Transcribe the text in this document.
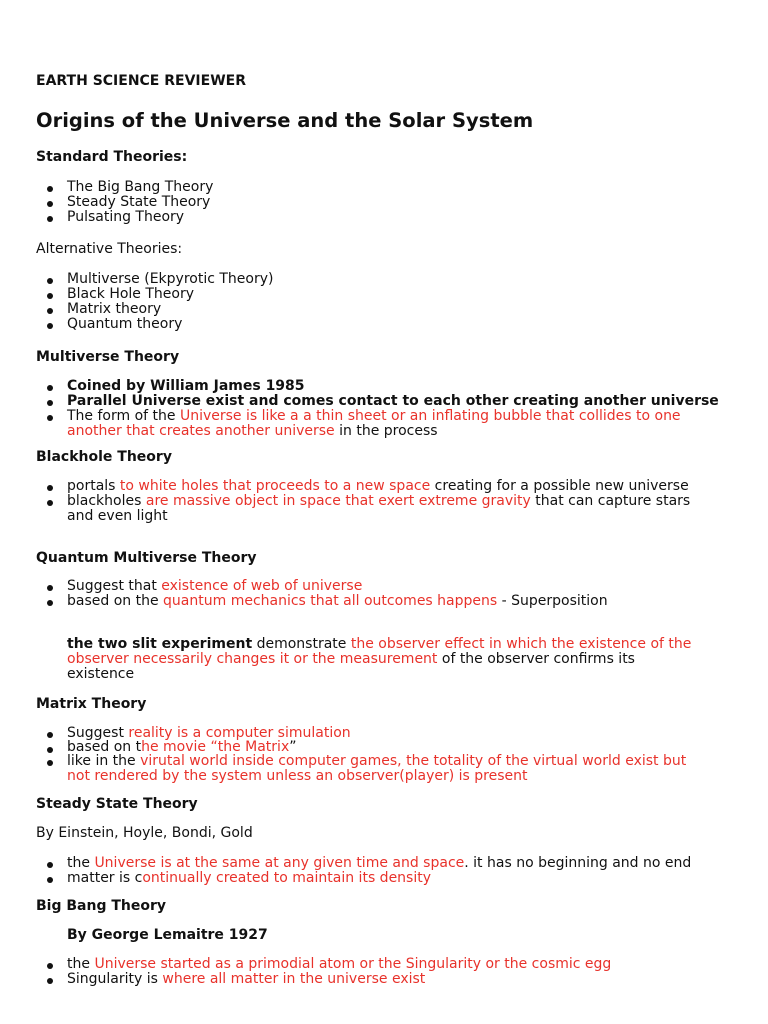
EARTH SCIENCE REVIEWER
Origins of the Universe and the Solar System
Standard Theories:
The Big Bang Theory
Steady State Theory
Pulsating Theory
Alternative Theories:
Multiverse (Ekpyrotic Theory)
Black Hole Theory
Matrix theory
Quantum theory
Multiverse Theory
Coined by William James 1985
Parallel Universe exist and comes contact to each other creating another universe
The form of the Universe is like a a thin sheet or an inflating bubble that collides to one
another that creates another universe in the process
Blackhole Theory
portals to white holes that proceeds to a new space creating for a possible new universe
blackholes are massive object in space that exert extreme gravity that can capture stars
and even light
Quantum Multiverse Theory
Suggest that existence of web of universe
based on the quantum mechanics that all outcomes happens - Superposition
the two slit experiment demonstrate the observer effect in which the existence of the
observer necessarily changes it or the measurement of the observer confirms its
existence
Matrix Theory
Suggest reality is a computer simulation
based on the movie “the Matrix”
like in the virutal world inside computer games, the totality of the virtual world exist but
not rendered by the system unless an observer(player) is present
Steady State Theory
By Einstein, Hoyle, Bondi, Gold
the Universe is at the same at any given time and space. it has no beginning and no end
matter is continually created to maintain its density
Big Bang Theory
By George Lemaitre 1927
the Universe started as a primodial atom or the Singularity or the cosmic egg
Singularity is where all matter in the universe exist
